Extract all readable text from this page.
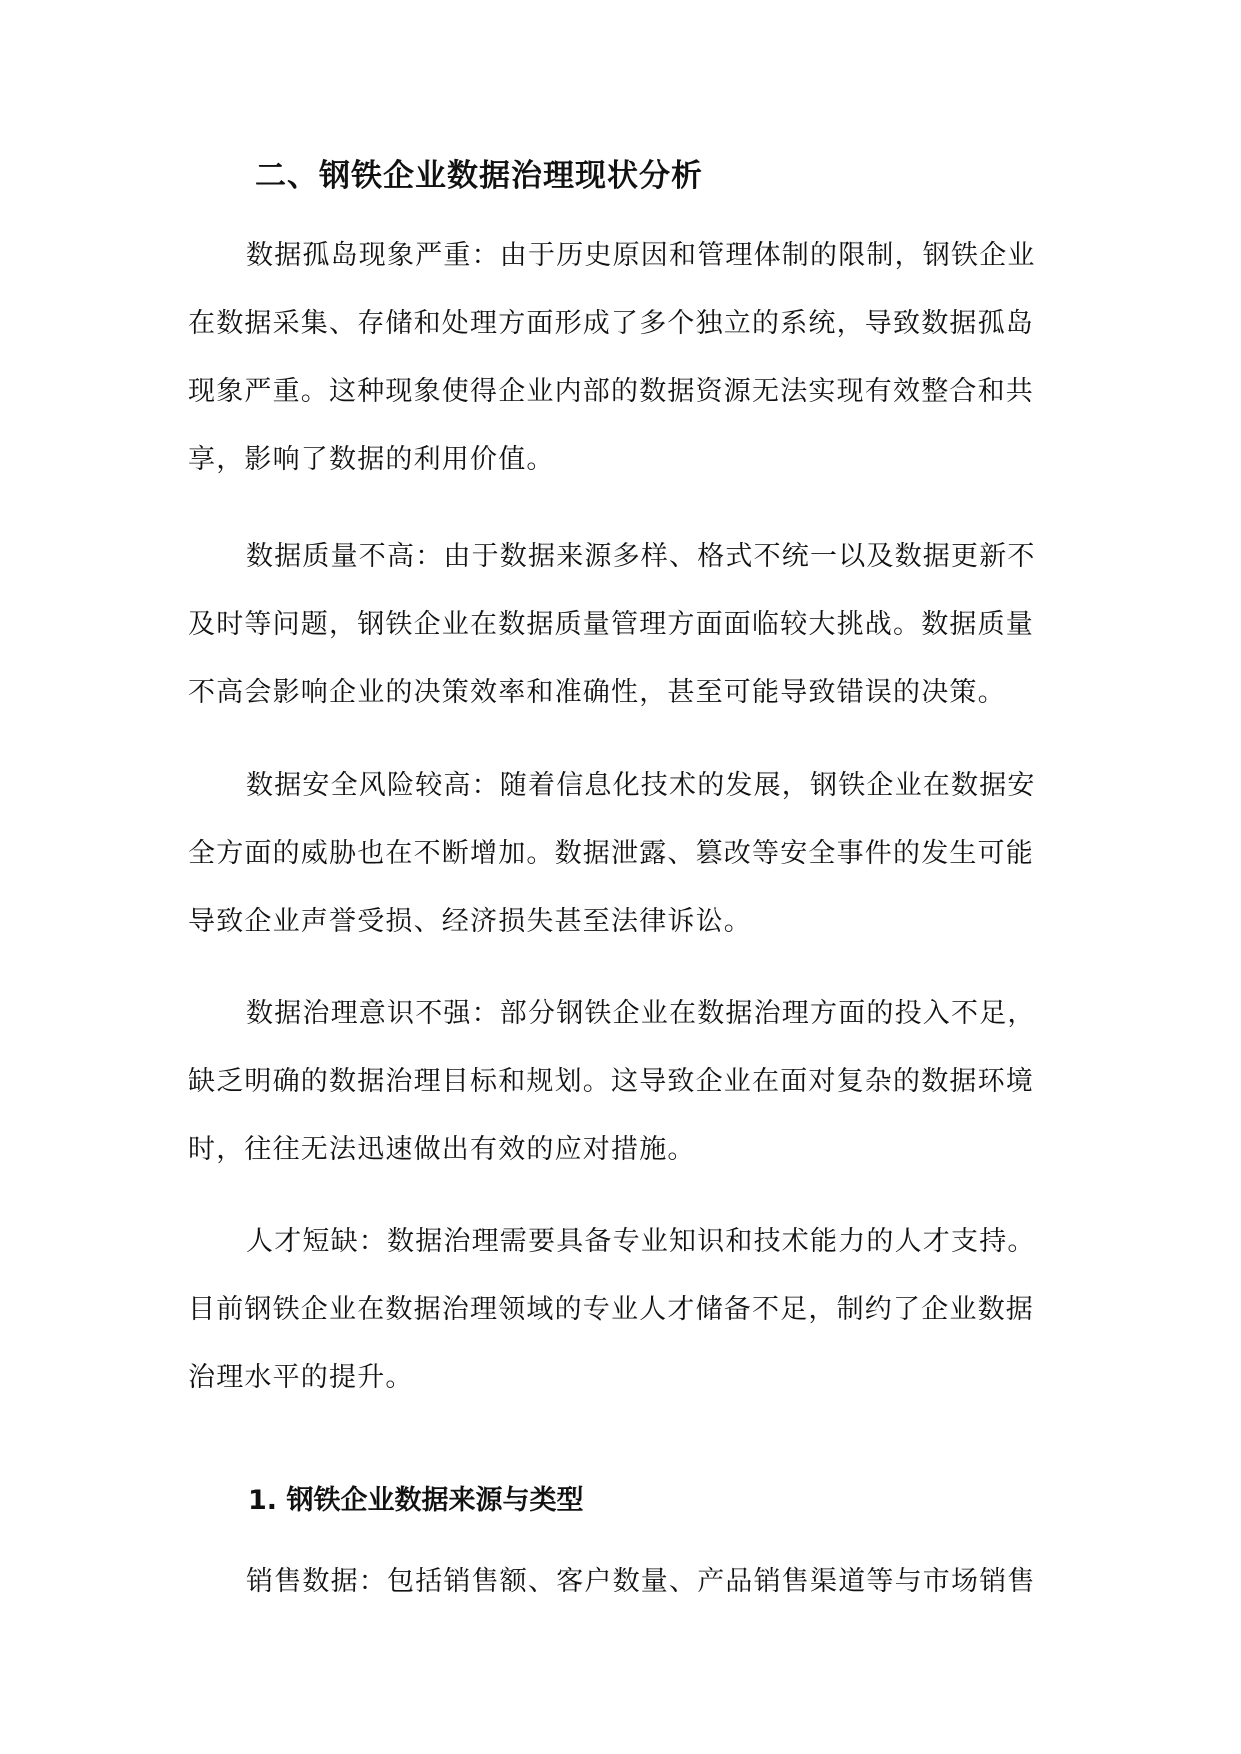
二、钢铁企业数据治理现状分析
数据孤岛现象严重：由于历史原因和管理体制的限制，钢铁企业
在数据采集、存储和处理方面形成了多个独立的系统，导致数据孤岛
现象严重。这种现象使得企业内部的数据资源无法实现有效整合和共
享，影响了数据的利用价值。
数据质量不高：由于数据来源多样、格式不统一以及数据更新不
及时等问题，钢铁企业在数据质量管理方面面临较大挑战。数据质量
不高会影响企业的决策效率和准确性，甚至可能导致错误的决策。
数据安全风险较高：随着信息化技术的发展，钢铁企业在数据安
全方面的威胁也在不断增加。数据泄露、篡改等安全事件的发生可能
导致企业声誉受损、经济损失甚至法律诉讼。
数据治理意识不强：部分钢铁企业在数据治理方面的投入不足，
缺乏明确的数据治理目标和规划。这导致企业在面对复杂的数据环境
时，往往无法迅速做出有效的应对措施。
人才短缺：数据治理需要具备专业知识和技术能力的人才支持。
目前钢铁企业在数据治理领域的专业人才储备不足，制约了企业数据
治理水平的提升。
1. 钢铁企业数据来源与类型
销售数据：包括销售额、客户数量、产品销售渠道等与市场销售
